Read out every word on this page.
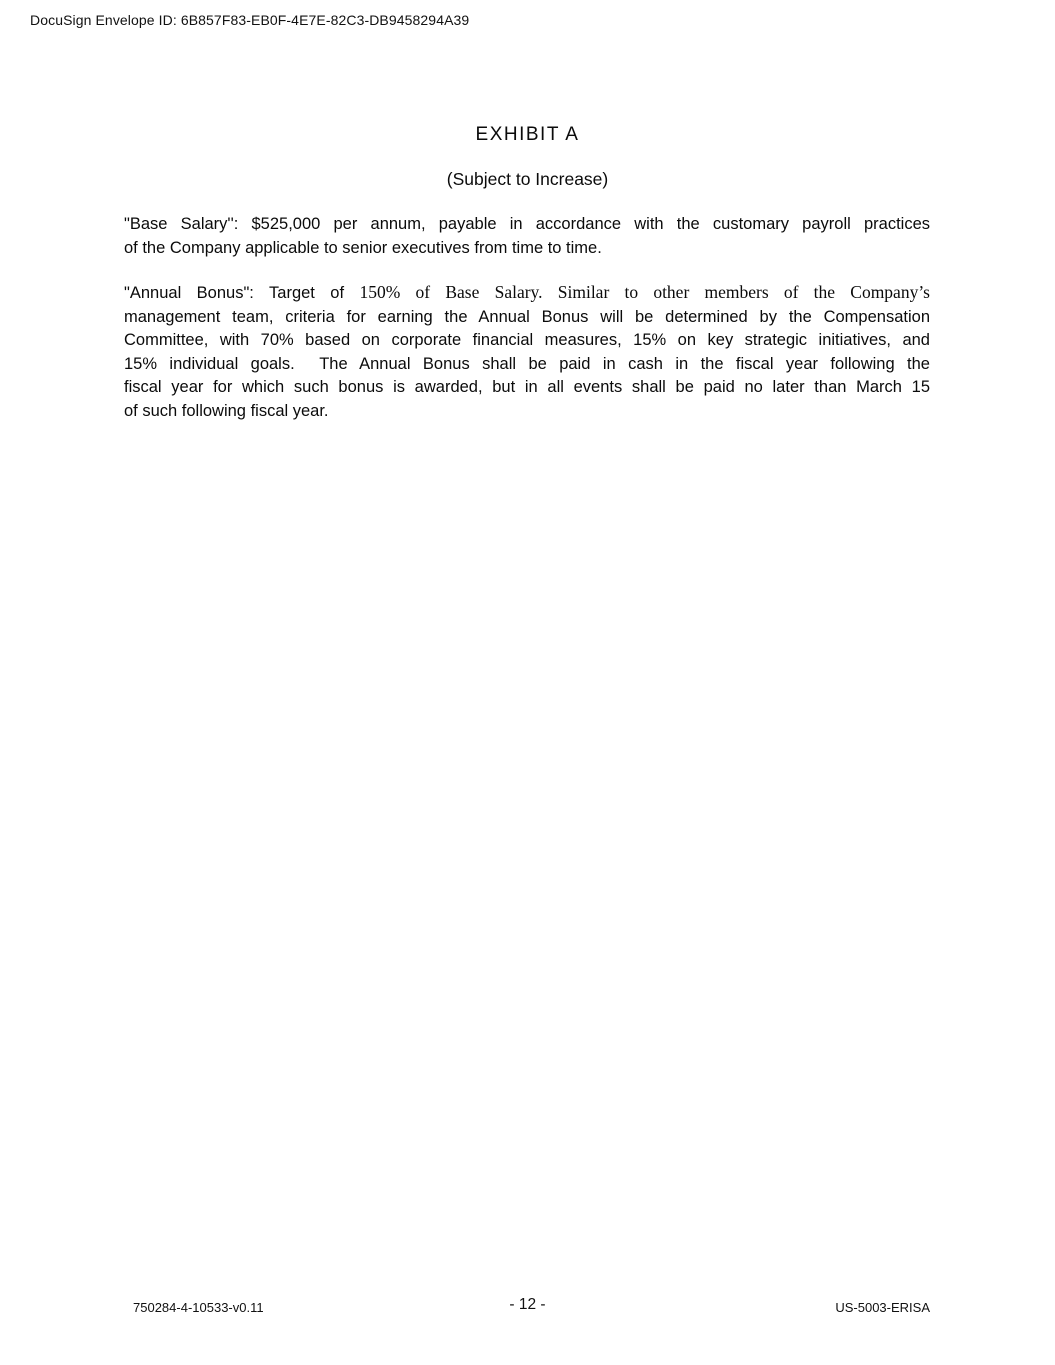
DocuSign Envelope ID: 6B857F83-EB0F-4E7E-82C3-DB9458294A39
EXHIBIT A
(Subject to Increase)
"Base Salary'': $525,000 per annum, payable in accordance with the customary payroll practices
of the Company applicable to senior executives from time to time.
"Annual Bonus": Target of 150% of Base Salary. Similar to other members of the Company’s
management team, criteria for earning the Annual Bonus will be determined by the Compensation
Committee, with 70% based on corporate financial measures, 15% on key strategic initiatives, and
15% individual goals.  The Annual Bonus shall be paid in cash in the fiscal year following the
fiscal year for which such bonus is awarded, but in all events shall be paid no later than March 15
of such following fiscal year.
750284-4-10533-v0.11	- 12 -	US-5003-ERISA
